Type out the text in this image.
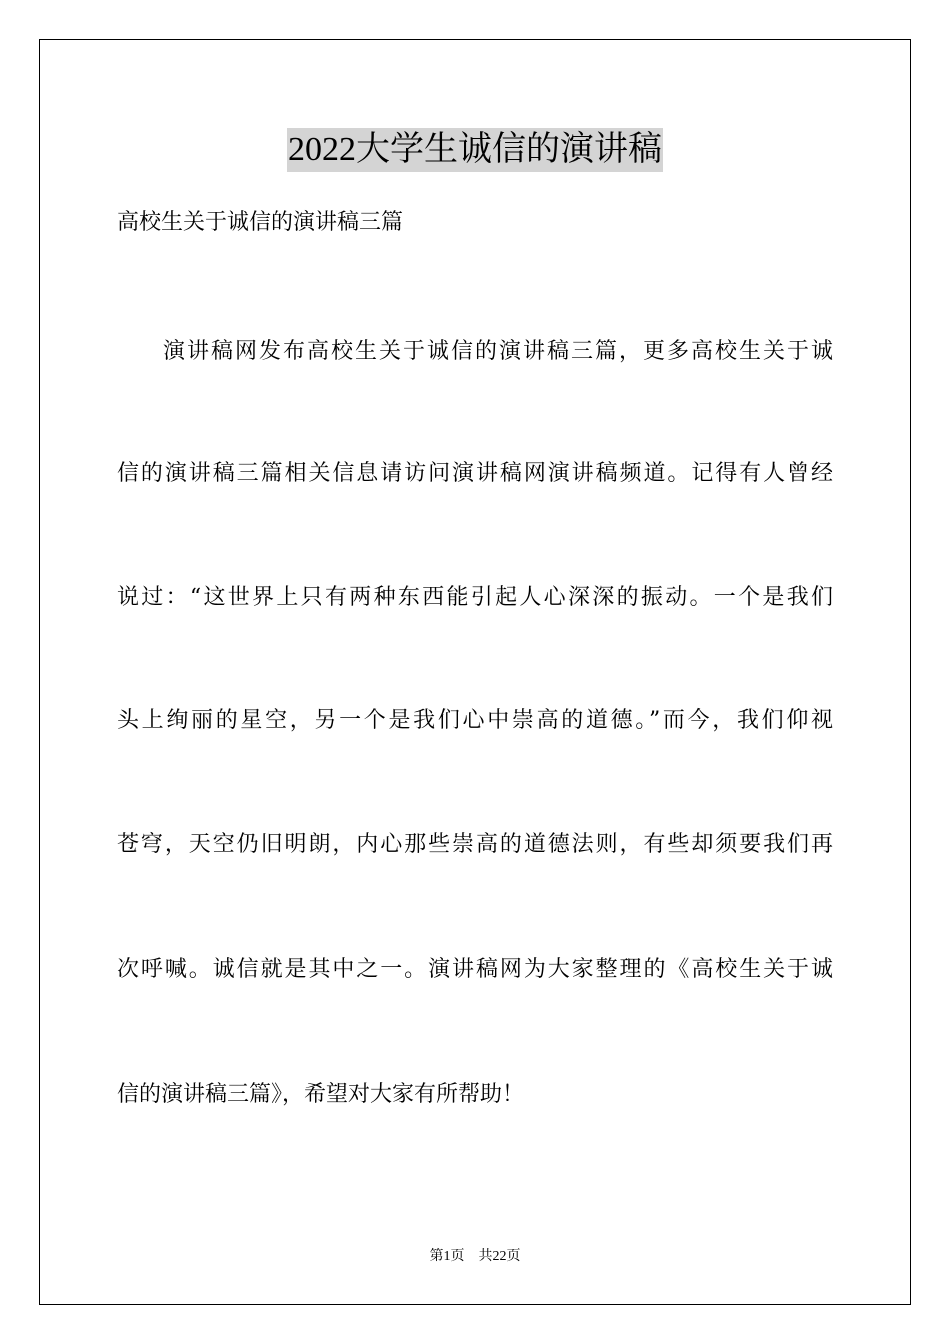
2022大学生诚信的演讲稿
高校生关于诚信的演讲稿三篇
演讲稿网发布高校生关于诚信的演讲稿三篇，更多高校生关于诚
信的演讲稿三篇相关信息请访问演讲稿网演讲稿频道。记得有人曾经
说过：“这世界上只有两种东西能引起人心深深的振动。一个是我们
头上绚丽的星空，另一个是我们心中崇高的道德。”而今，我们仰视
苍穹，天空仍旧明朗，内心那些崇高的道德法则，有些却须要我们再
次呼喊。诚信就是其中之一。演讲稿网为大家整理的《高校生关于诚
信的演讲稿三篇》，希望对大家有所帮助！
第1页 共22页
